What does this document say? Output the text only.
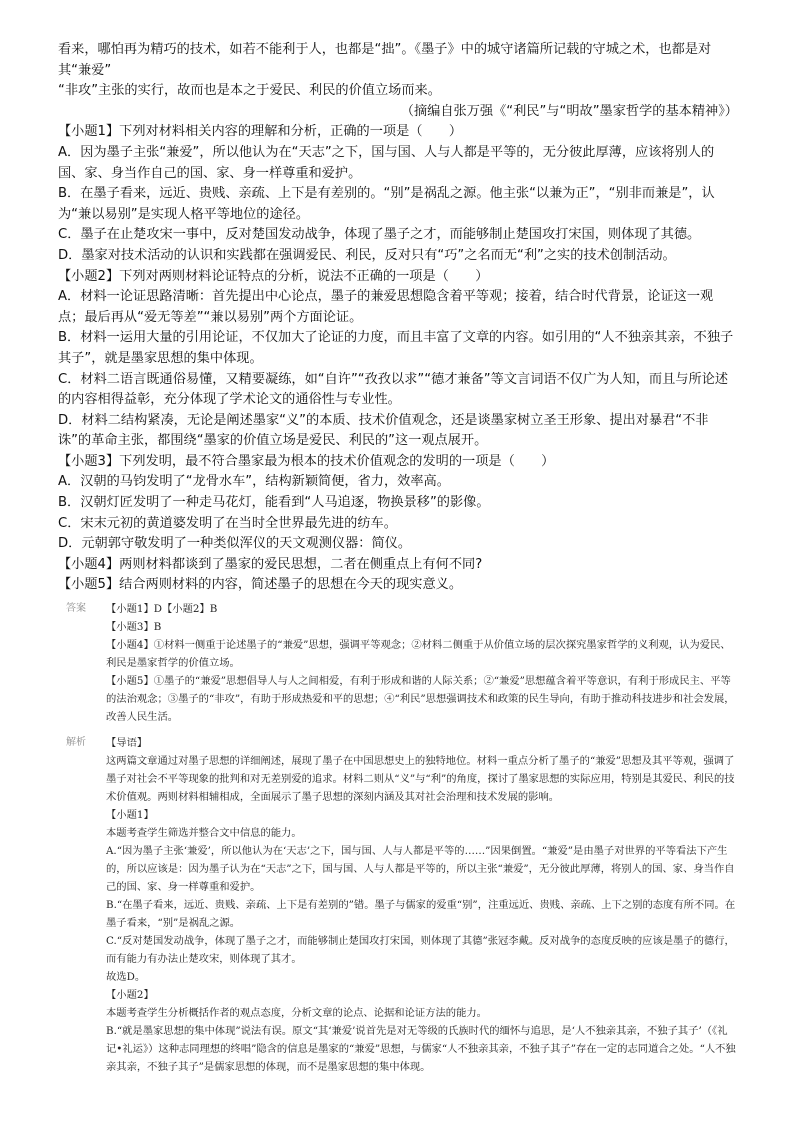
看来，哪怕再为精巧的技术，如若不能利于人，也都是“拙”。《墨子》中的城守诸篇所记载的守城之术，也都是对其“兼爱”

“非攻”主张的实行，故而也是本之于爱民、利民的价值立场而来。

（摘编自张万强《“利民”与“明故”墨家哲学的基本精神》）

【小题1】下列对材料相关内容的理解和分析，正确的一项是（　　）

A．因为墨子主张“兼爱”，所以他认为在“天志”之下，国与国、人与人都是平等的，无分彼此厚薄，应该将别人的国、家、身当作自己的国、家、身一样尊重和爱护。

B．在墨子看来，远近、贵贱、亲疏、上下是有差别的。“别”是祸乱之源。他主张“以兼为正”，“别非而兼是”，认为“兼以易别”是实现人格平等地位的途径。

C．墨子在止楚攻宋一事中，反对楚国发动战争，体现了墨子之才，而能够制止楚国攻打宋国，则体现了其德。

D．墨家对技术活动的认识和实践都在强调爱民、利民，反对只有“巧”之名而无“利”之实的技术创制活动。

【小题2】下列对两则材料论证特点的分析，说法不正确的一项是（　　）

A．材料一论证思路清晰：首先提出中心论点，墨子的兼爱思想隐含着平等观；接着，结合时代背景，论证这一观点；最后再从“爱无等差”“兼以易别”两个方面论证。

B．材料一运用大量的引用论证，不仅加大了论证的力度，而且丰富了文章的内容。如引用的“人不独亲其亲，不独子其子”，就是墨家思想的集中体现。

C．材料二语言既通俗易懂，又精要凝练，如“自许”“孜孜以求”“德才兼备”等文言词语不仅广为人知，而且与所论述的内容相得益彰，充分体现了学术论文的通俗性与专业性。

D．材料二结构紧凑，无论是阐述墨家“义”的本质、技术价值观念，还是谈墨家树立圣王形象、提出对暴君“不非诛”的革命主张，都围绕“墨家的价值立场是爱民、利民的”这一观点展开。

【小题3】下列发明，最不符合墨家最为根本的技术价值观念的发明的一项是（　　）

A．汉朝的马钧发明了“龙骨水车”，结构新颖简便，省力，效率高。

B．汉朝灯匠发明了一种走马花灯，能看到“人马追逐，物换景移”的影像。

C．宋末元初的黄道婆发明了在当时全世界最先进的纺车。

D．元朝郭守敬发明了一种类似浑仪的天文观测仪器：简仪。

【小题4】两则材料都谈到了墨家的爱民思想，二者在侧重点上有何不同?

【小题5】结合两则材料的内容，简述墨子的思想在今天的现实意义。

答案	【小题1】D【小题2】B

【小题3】B

【小题4】①材料一侧重于论述墨子的“兼爱”思想，强调平等观念；②材料二侧重于从价值立场的层次探究墨家哲学的义利观，认为爱民、利民是墨家哲学的价值立场。

【小题5】①墨子的“兼爱”思想倡导人与人之间相爱，有利于形成和谐的人际关系；②“兼爱”思想蕴含着平等意识，有利于形成民主、平等的法治观念；③墨子的“非攻”，有助于形成热爱和平的思想；④“利民”思想强调技术和政策的民生导向，有助于推动科技进步和社会发展，改善人民生活。

解析	【导语】

这两篇文章通过对墨子思想的详细阐述，展现了墨子在中国思想史上的独特地位。材料一重点分析了墨子的“兼爱”思想及其平等观，强调了墨子对社会不平等现象的批判和对无差别爱的追求。材料二则从“义”与“利”的角度，探讨了墨家思想的实际应用，特别是其爱民、利民的技术价值观。两则材料相辅相成，全面展示了墨子思想的深刻内涵及其对社会治理和技术发展的影响。

【小题1】

本题考查学生筛选并整合文中信息的能力。

A.“因为墨子主张‘兼爱’，所以他认为在‘天志’之下，国与国、人与人都是平等的……”因果倒置。“兼爱”是由墨子对世界的平等看法下产生的，所以应该是：因为墨子认为在“天志”之下，国与国、人与人都是平等的，所以主张“兼爱”，无分彼此厚薄，将别人的国、家、身当作自己的国、家、身一样尊重和爱护。

B.“在墨子看来，远近、贵贱、亲疏、上下是有差别的”错。墨子与儒家的爱重“别”，注重远近、贵贱、亲疏、上下之别的态度有所不同。在墨子看来，“别”是祸乱之源。

C.“反对楚国发动战争，体现了墨子之才，而能够制止楚国攻打宋国，则体现了其德”张冠李戴。反对战争的态度反映的应该是墨子的德行，而有能力有办法止楚攻宋，则体现了其才。

故选D。

【小题2】

本题考查学生分析概括作者的观点态度，分析文章的论点、论据和论证方法的能力。

B.“就是墨家思想的集中体现”说法有误。原文“其‘兼爱’说首先是对无等级的氏族时代的缅怀与追思，是‘人不独亲其亲，不独子其子’（《礼记•礼运》）这种志同理想的终唱”隐含的信息是墨家的“兼爱”思想，与儒家“人不独亲其亲，不独子其子”存在一定的志同道合之处。“人不独亲其亲，不独子其子”是儒家思想的体现，而不是墨家思想的集中体现。
